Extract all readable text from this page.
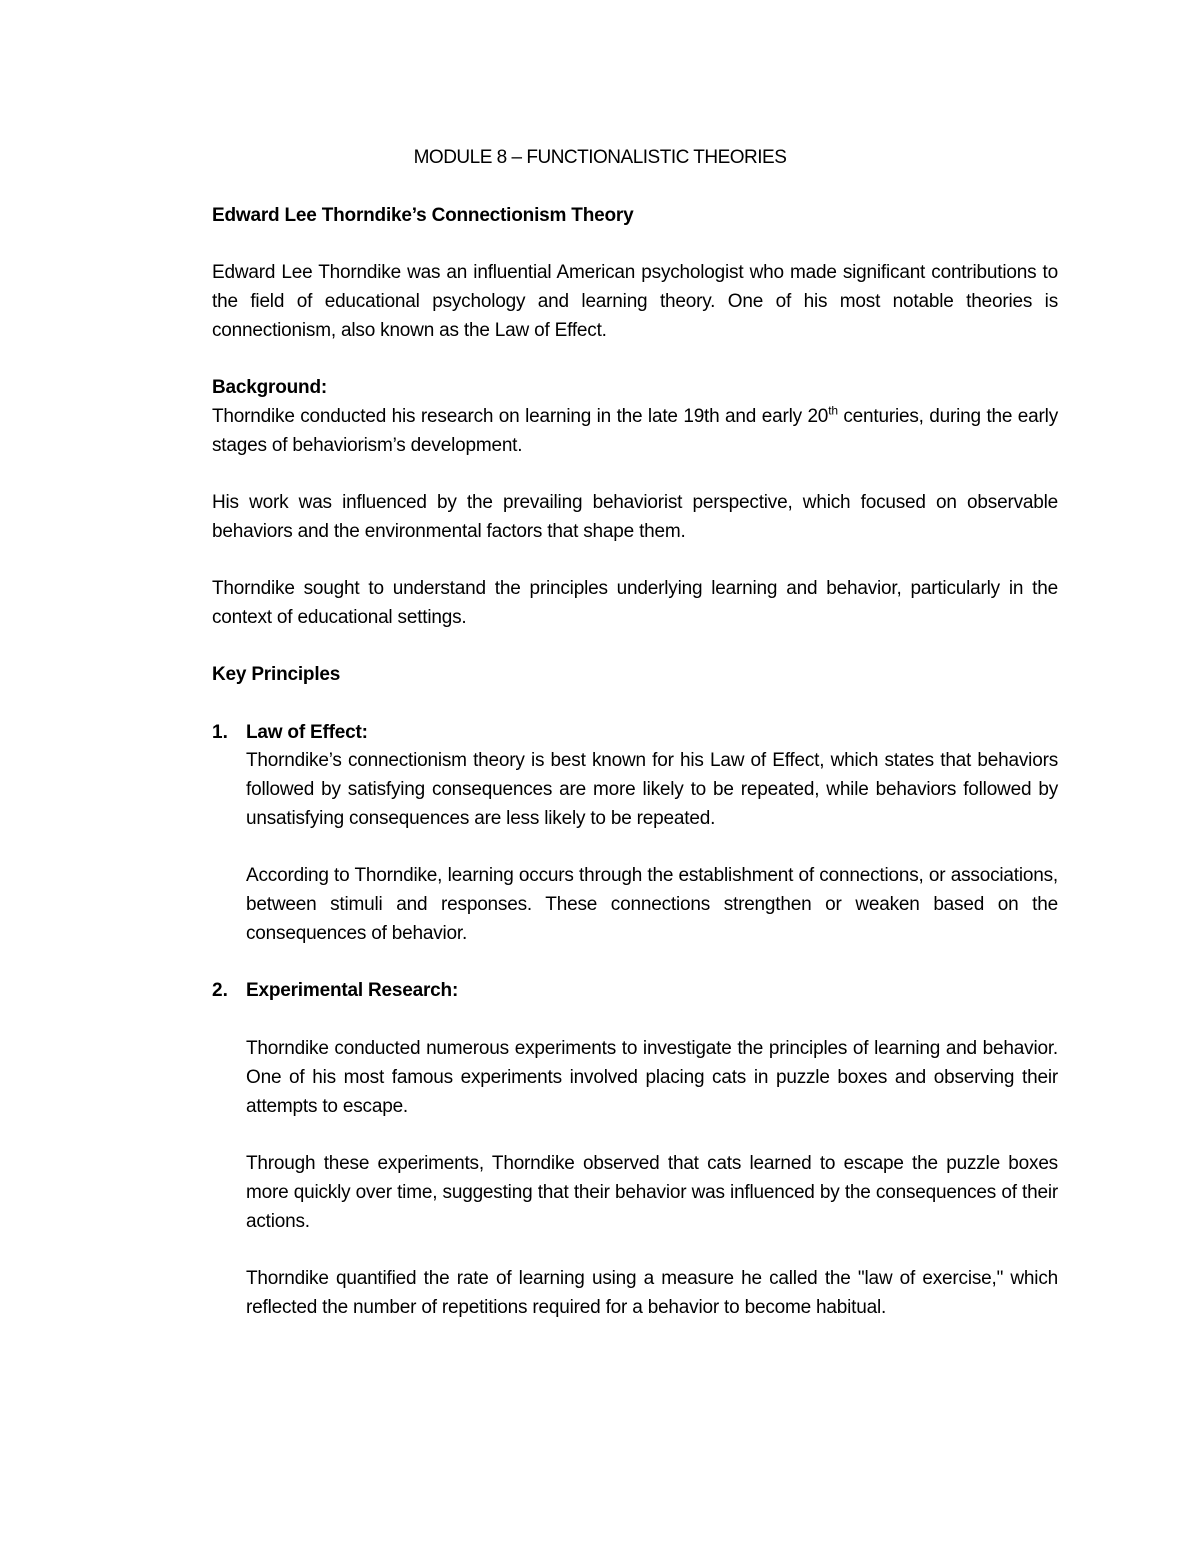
MODULE 8 – FUNCTIONALISTIC THEORIES
Edward Lee Thorndike’s Connectionism Theory
Edward Lee Thorndike was an influential American psychologist who made significant contributions to the field of educational psychology and learning theory. One of his most notable theories is connectionism, also known as the Law of Effect.
Background:
Thorndike conducted his research on learning in the late 19th and early 20th centuries, during the early stages of behaviorism’s development.
His work was influenced by the prevailing behaviorist perspective, which focused on observable behaviors and the environmental factors that shape them.
Thorndike sought to understand the principles underlying learning and behavior, particularly in the context of educational settings.
Key Principles
1. Law of Effect:
Thorndike’s connectionism theory is best known for his Law of Effect, which states that behaviors followed by satisfying consequences are more likely to be repeated, while behaviors followed by unsatisfying consequences are less likely to be repeated.
According to Thorndike, learning occurs through the establishment of connections, or associations, between stimuli and responses. These connections strengthen or weaken based on the consequences of behavior.
2. Experimental Research:
Thorndike conducted numerous experiments to investigate the principles of learning and behavior. One of his most famous experiments involved placing cats in puzzle boxes and observing their attempts to escape.
Through these experiments, Thorndike observed that cats learned to escape the puzzle boxes more quickly over time, suggesting that their behavior was influenced by the consequences of their actions.
Thorndike quantified the rate of learning using a measure he called the "law of exercise," which reflected the number of repetitions required for a behavior to become habitual.
